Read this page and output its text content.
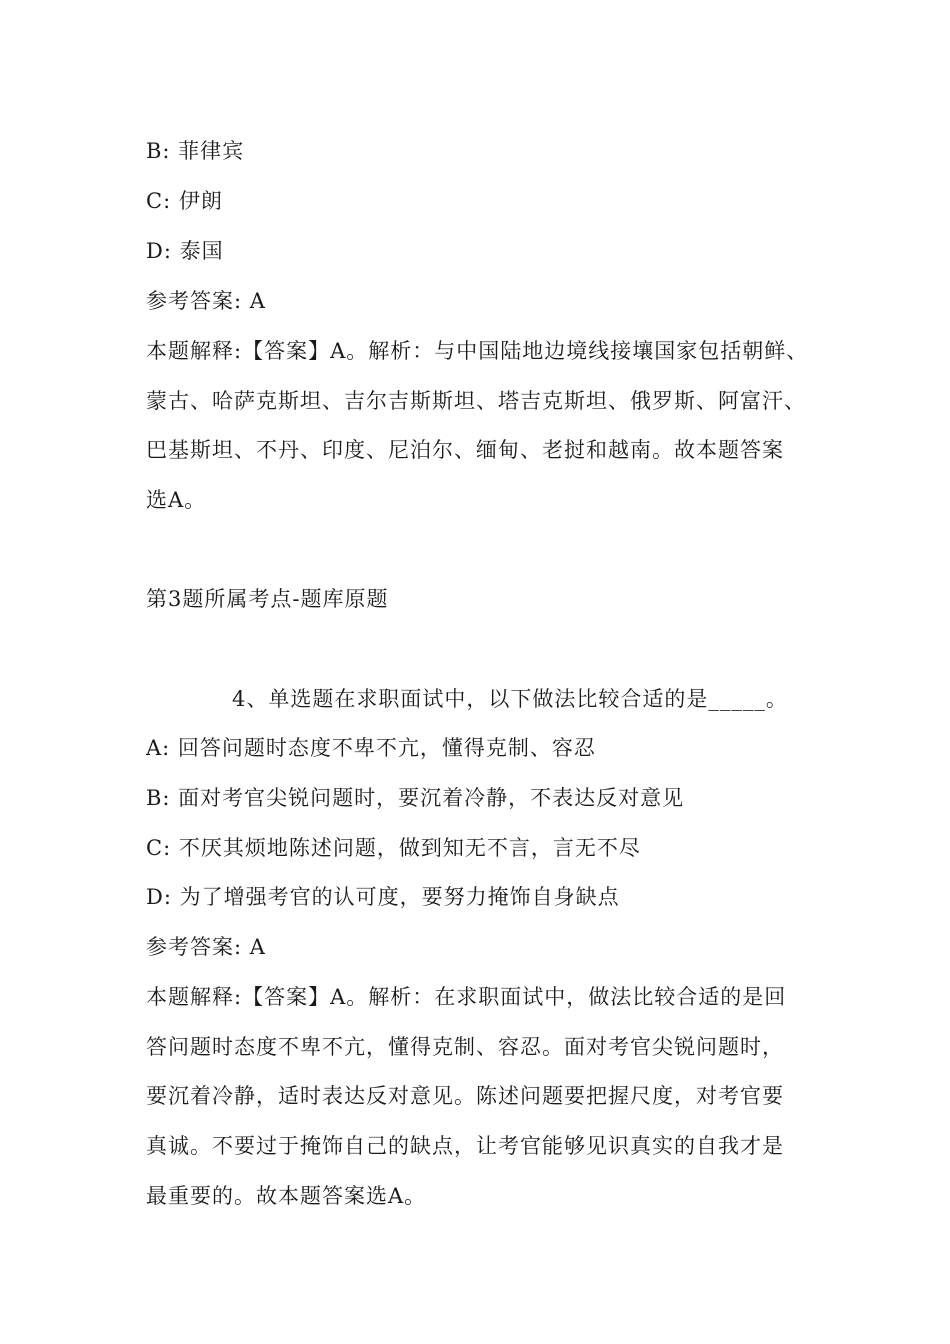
B: 菲律宾
C: 伊朗
D: 泰国
参考答案: A
本题解释:【答案】A。解析：与中国陆地边境线接壤国家包括朝鲜、
蒙古、哈萨克斯坦、吉尔吉斯斯坦、塔吉克斯坦、俄罗斯、阿富汗、
巴基斯坦、不丹、印度、尼泊尔、缅甸、老挝和越南。故本题答案
选A。
第3题所属考点-题库原题
4、单选题在求职面试中，以下做法比较合适的是_____。
A: 回答问题时态度不卑不亢，懂得克制、容忍
B: 面对考官尖锐问题时，要沉着冷静，不表达反对意见
C: 不厌其烦地陈述问题，做到知无不言，言无不尽
D: 为了增强考官的认可度，要努力掩饰自身缺点
参考答案: A
本题解释:【答案】A。解析：在求职面试中，做法比较合适的是回
答问题时态度不卑不亢，懂得克制、容忍。面对考官尖锐问题时，
要沉着冷静，适时表达反对意见。陈述问题要把握尺度，对考官要
真诚。不要过于掩饰自己的缺点，让考官能够见识真实的自我才是
最重要的。故本题答案选A。
